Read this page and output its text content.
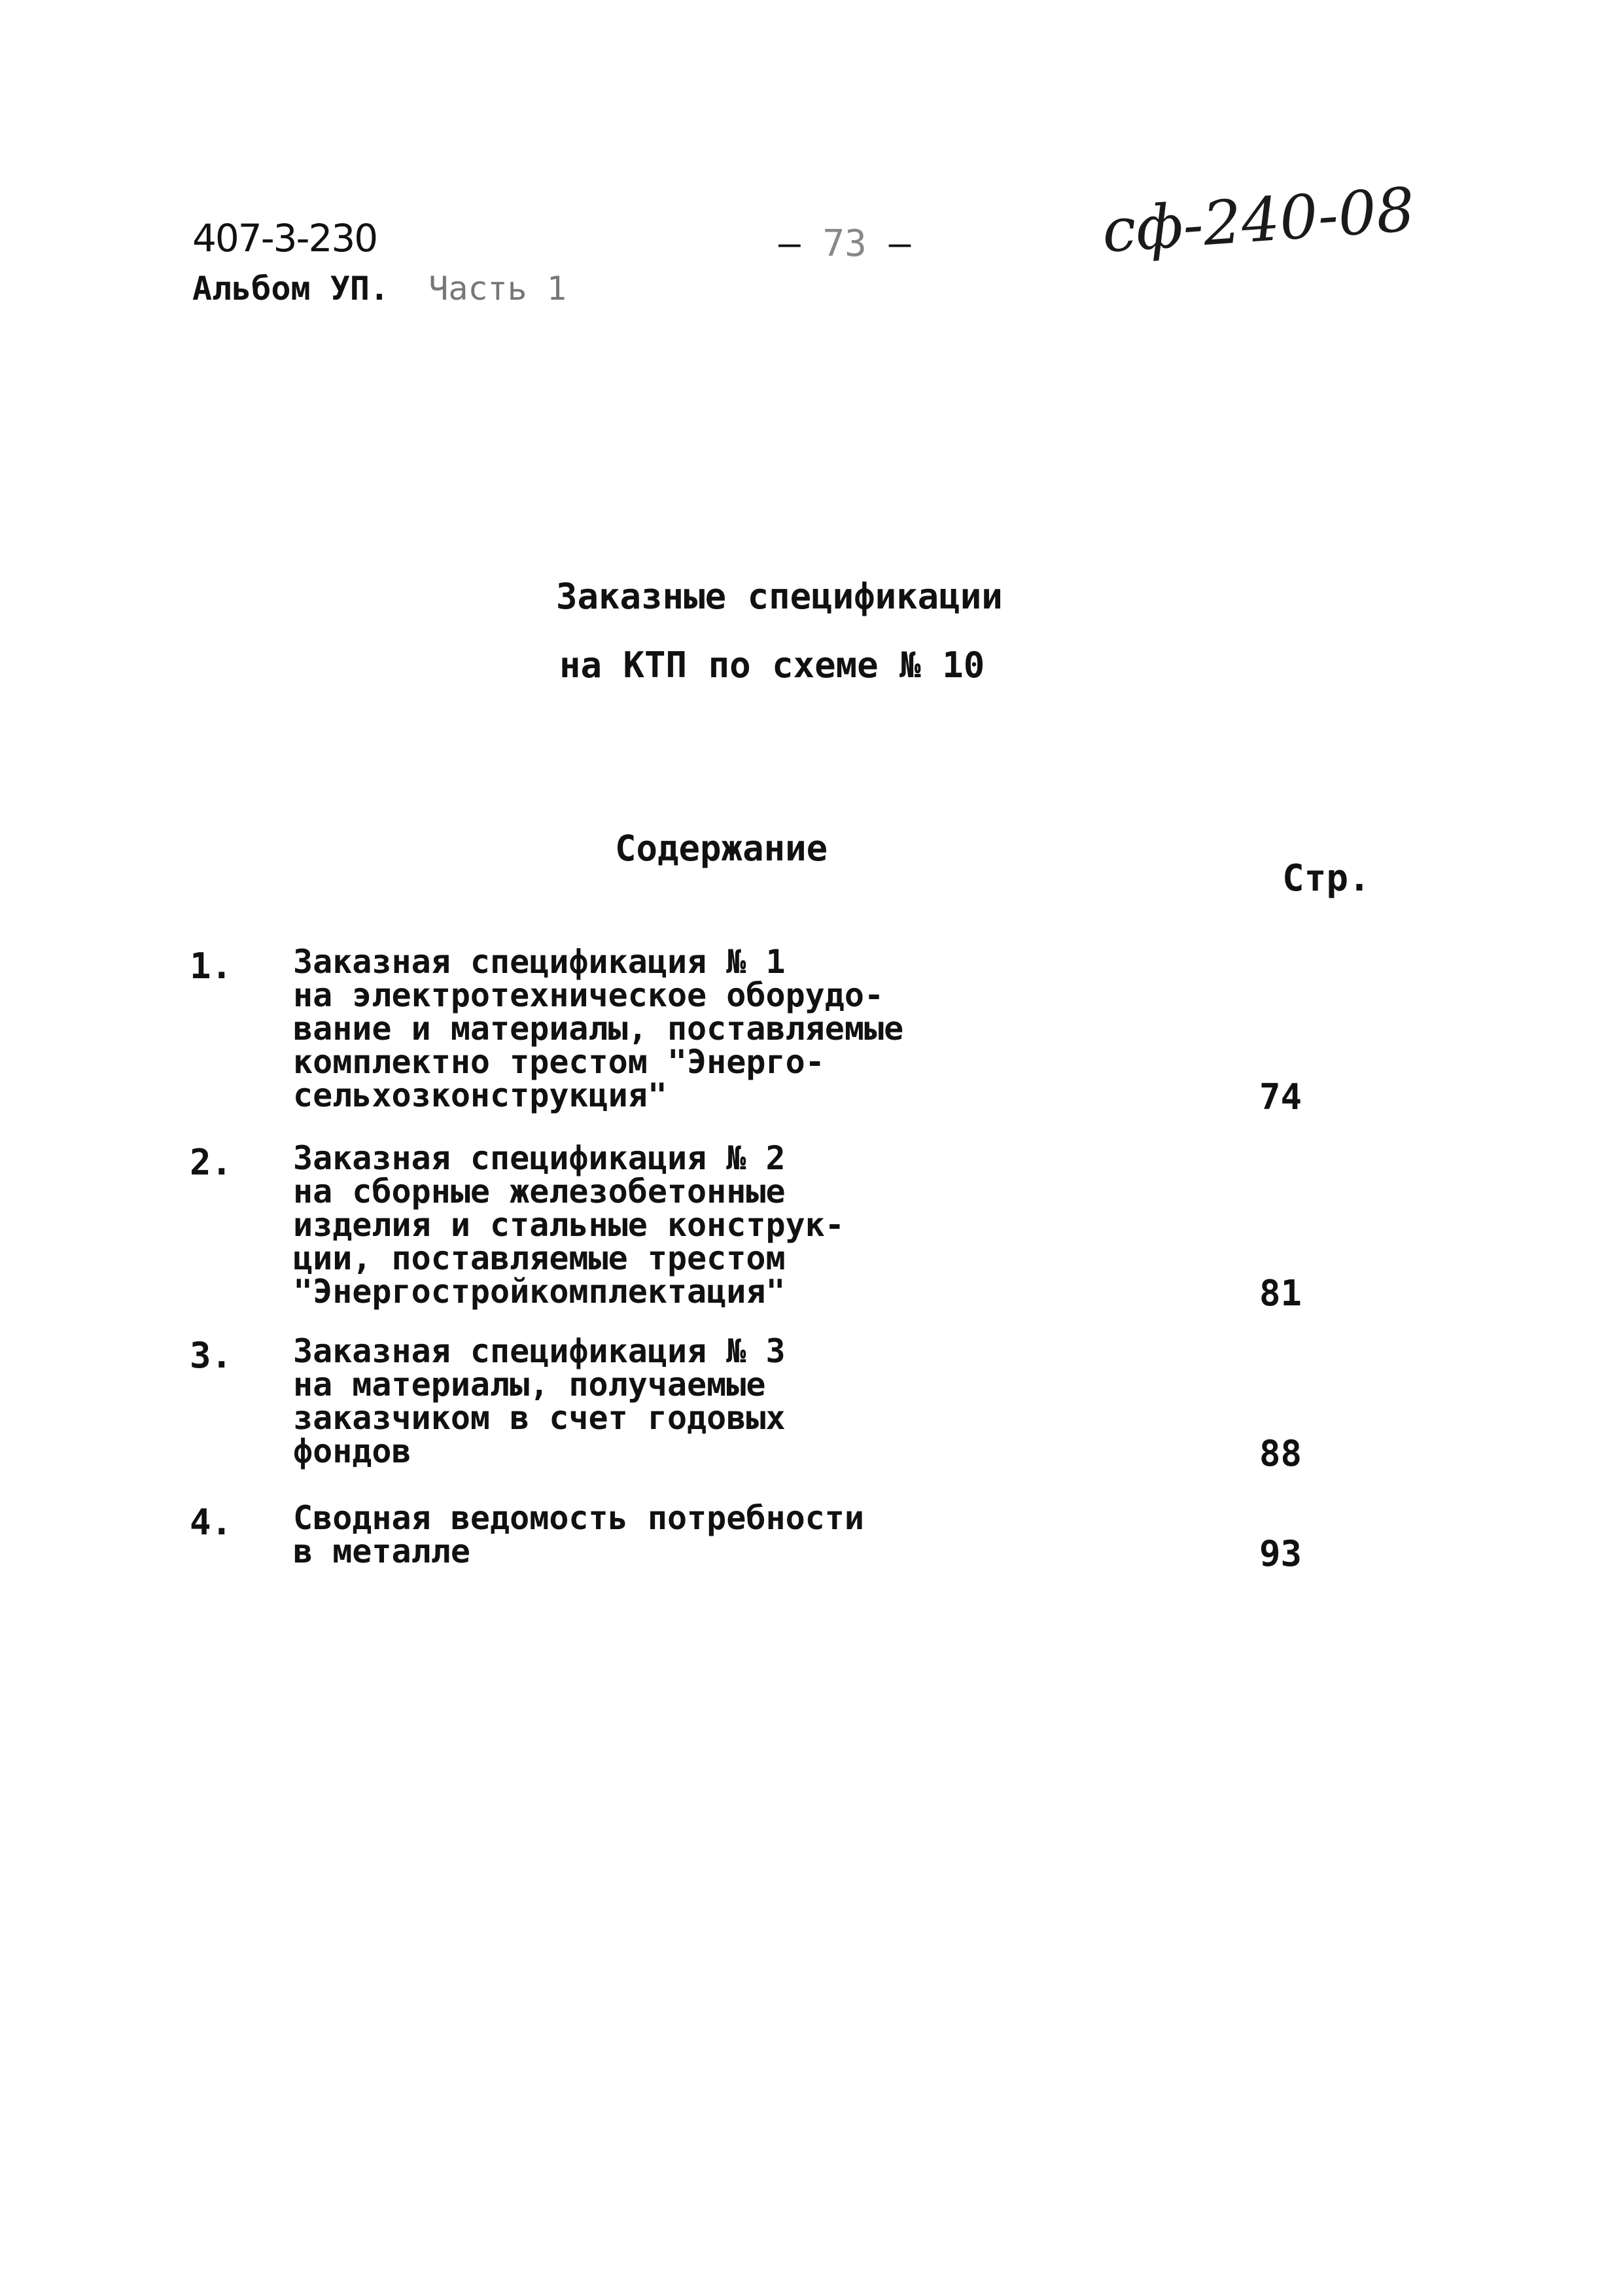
407-3-230
Альбом УП. Часть 1
– 73 –	сф-240-08
Заказные спецификации
на КТП по схеме № 10
Содержание
Стр.
1. Заказная спецификация № 1
на электротехническое оборудо-
вание и материалы, поставляемые
комплектно трестом "Энерго-
сельхозконструкция"	74
2. Заказная спецификация № 2
на сборные железобетонные
изделия и стальные конструк-
ции, поставляемые трестом
"Энергостройкомплектация"	81
3. Заказная спецификация № 3
на материалы, получаемые
заказчиком в счет годовых
фондов	88
4. Сводная ведомость потребности
в металле	93
